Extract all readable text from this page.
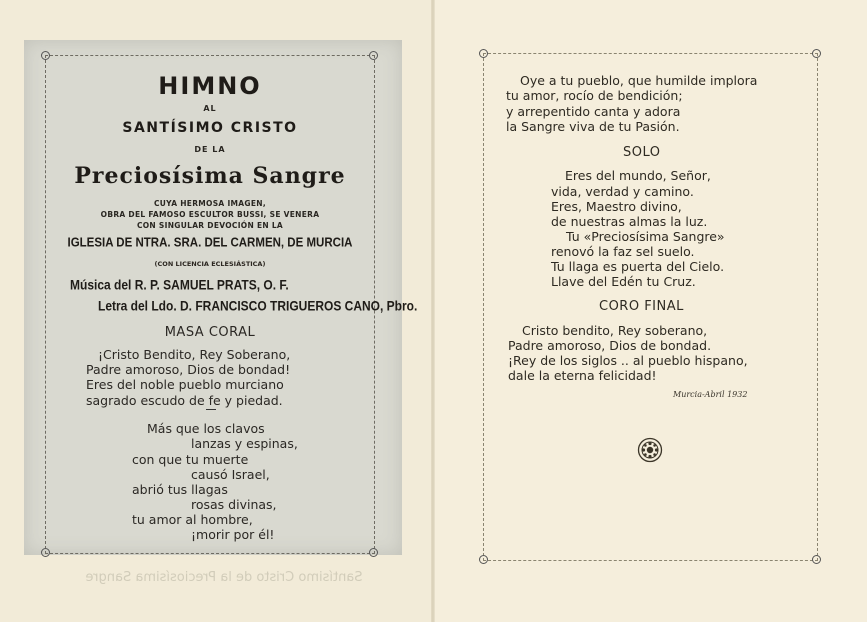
HIMNO
AL
SANTÍSIMO CRISTO
DE LA
Preciosísima Sangre
CUYA HERMOSA IMAGEN,
OBRA DEL FAMOSO ESCULTOR BUSSI, SE VENERA
CON SINGULAR DEVOCIÓN EN LA
IGLESIA DE NTRA. SRA. DEL CARMEN, DE MURCIA
(CON LICENCIA ECLESIÁSTICA)
Música del R. P. SAMUEL PRATS, O. F.
Letra del Ldo. D. FRANCISCO TRIGUEROS CANO, Pbro.
MASA CORAL
¡Cristo Bendito, Rey Soberano,
Padre amoroso, Dios de bondad!
Eres del noble pueblo murciano
sagrado escudo de fe y piedad.
Más que los clavos
lanzas y espinas,
con que tu muerte
causó Israel,
abrió tus llagas
rosas divinas,
tu amor al hombre,
¡morir por él!
Santísimo Cristo de la Preciosísima Sangre
Oye a tu pueblo, que humilde implora
tu amor, rocío de bendición;
y arrepentido canta y adora
la Sangre viva de tu Pasión.
SOLO
Eres del mundo, Señor,
vida, verdad y camino.
Eres, Maestro divino,
de nuestras almas la luz.
Tu «Preciosísima Sangre»
renovó la faz sel suelo.
Tu llaga es puerta del Cielo.
Llave del Edén tu Cruz.
CORO FINAL
Cristo bendito, Rey soberano,
Padre amoroso, Dios de bondad.
¡Rey de los siglos .. al pueblo hispano,
dale la eterna felicidad!
Murcia-Abril 1932
